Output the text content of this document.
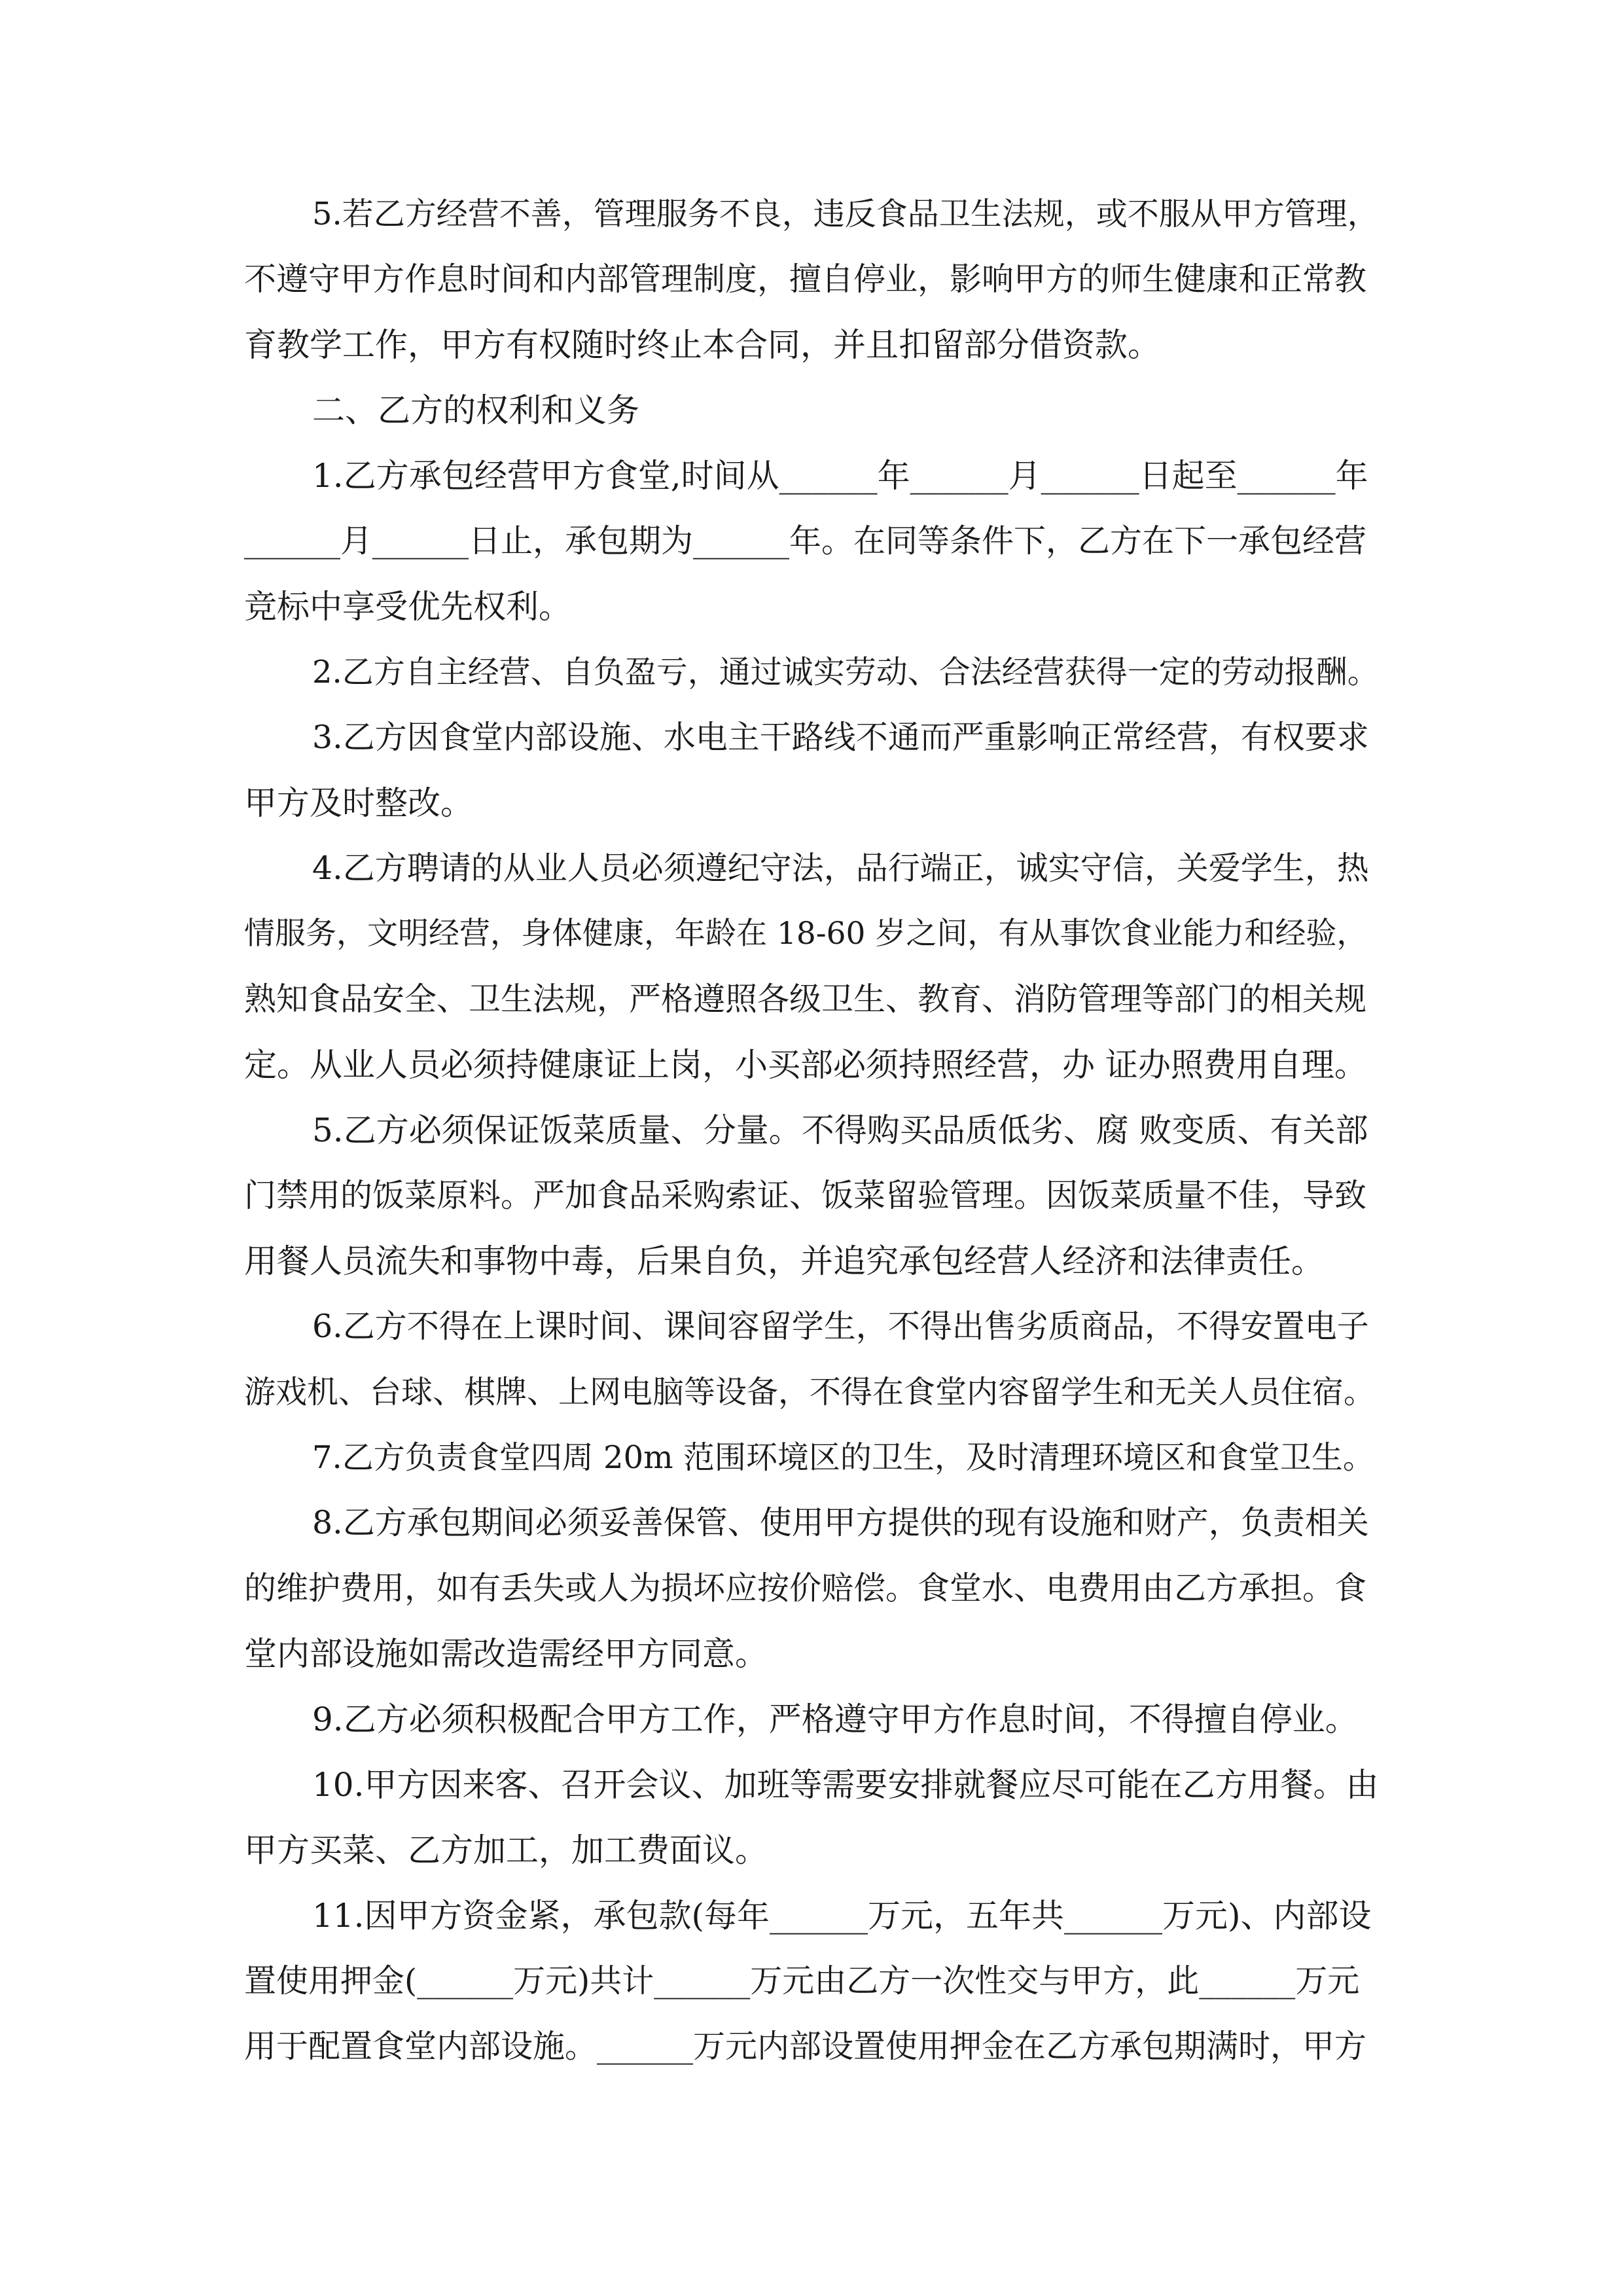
5.若乙方经营不善，管理服务不良，违反食品卫生法规，或不服从甲方管理，
不遵守甲方作息时间和内部管理制度，擅自停业，影响甲方的师生健康和正常教
育教学工作，甲方有权随时终止本合同，并且扣留部分借资款。
二、乙方的权利和义务
1.乙方承包经营甲方食堂,时间从______年______月______日起至______年
______月______日止，承包期为______年。在同等条件下，乙方在下一承包经营
竞标中享受优先权利。
2.乙方自主经营、自负盈亏，通过诚实劳动、合法经营获得一定的劳动报酬。
3.乙方因食堂内部设施、水电主干路线不通而严重影响正常经营，有权要求
甲方及时整改。
4.乙方聘请的从业人员必须遵纪守法，品行端正，诚实守信，关爱学生，热
情服务，文明经营，身体健康，年龄在 18-60 岁之间，有从事饮食业能力和经验，
熟知食品安全、卫生法规，严格遵照各级卫生、教育、消防管理等部门的相关规
定。从业人员必须持健康证上岗，小买部必须持照经营，办 证办照费用自理。
5.乙方必须保证饭菜质量、分量。不得购买品质低劣、腐 败变质、有关部
门禁用的饭菜原料。严加食品采购索证、饭菜留验管理。因饭菜质量不佳，导致
用餐人员流失和事物中毒，后果自负，并追究承包经营人经济和法律责任。
6.乙方不得在上课时间、课间容留学生，不得出售劣质商品，不得安置电子
游戏机、台球、棋牌、上网电脑等设备，不得在食堂内容留学生和无关人员住宿。
7.乙方负责食堂四周 20m 范围环境区的卫生，及时清理环境区和食堂卫生。
8.乙方承包期间必须妥善保管、使用甲方提供的现有设施和财产，负责相关
的维护费用，如有丢失或人为损坏应按价赔偿。食堂水、电费用由乙方承担。食
堂内部设施如需改造需经甲方同意。
9.乙方必须积极配合甲方工作，严格遵守甲方作息时间，不得擅自停业。
10.甲方因来客、召开会议、加班等需要安排就餐应尽可能在乙方用餐。由
甲方买菜、乙方加工，加工费面议。
11.因甲方资金紧，承包款(每年______万元，五年共______万元)、内部设
置使用押金(______万元)共计______万元由乙方一次性交与甲方，此______万元
用于配置食堂内部设施。______万元内部设置使用押金在乙方承包期满时，甲方
